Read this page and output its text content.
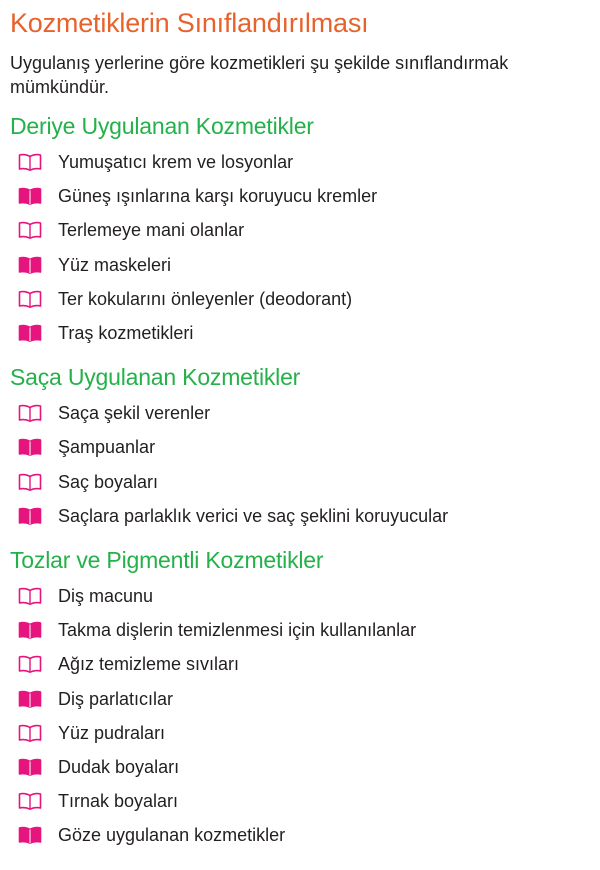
Kozmetiklerin Sınıflandırılması

Uygulanış yerlerine göre kozmetikleri şu şekilde sınıflandırmak mümkündür.

Deriye Uygulanan Kozmetikler
Yumuşatıcı krem ve losyonlar
Güneş ışınlarına karşı koruyucu kremler
Terlemeye mani olanlar
Yüz maskeleri
Ter kokularını önleyenler (deodorant)
Traş kozmetikleri
Saça Uygulanan Kozmetikler
Saça şekil verenler
Şampuanlar
Saç boyaları
Saçlara parlaklık verici ve saç şeklini koruyucular
Tozlar ve Pigmentli Kozmetikler
Diş macunu
Takma dişlerin temizlenmesi için kullanılanlar
Ağız temizleme sıvıları
Diş parlatıcılar
Yüz pudraları
Dudak boyaları
Tırnak boyaları
Göze uygulanan kozmetikler
